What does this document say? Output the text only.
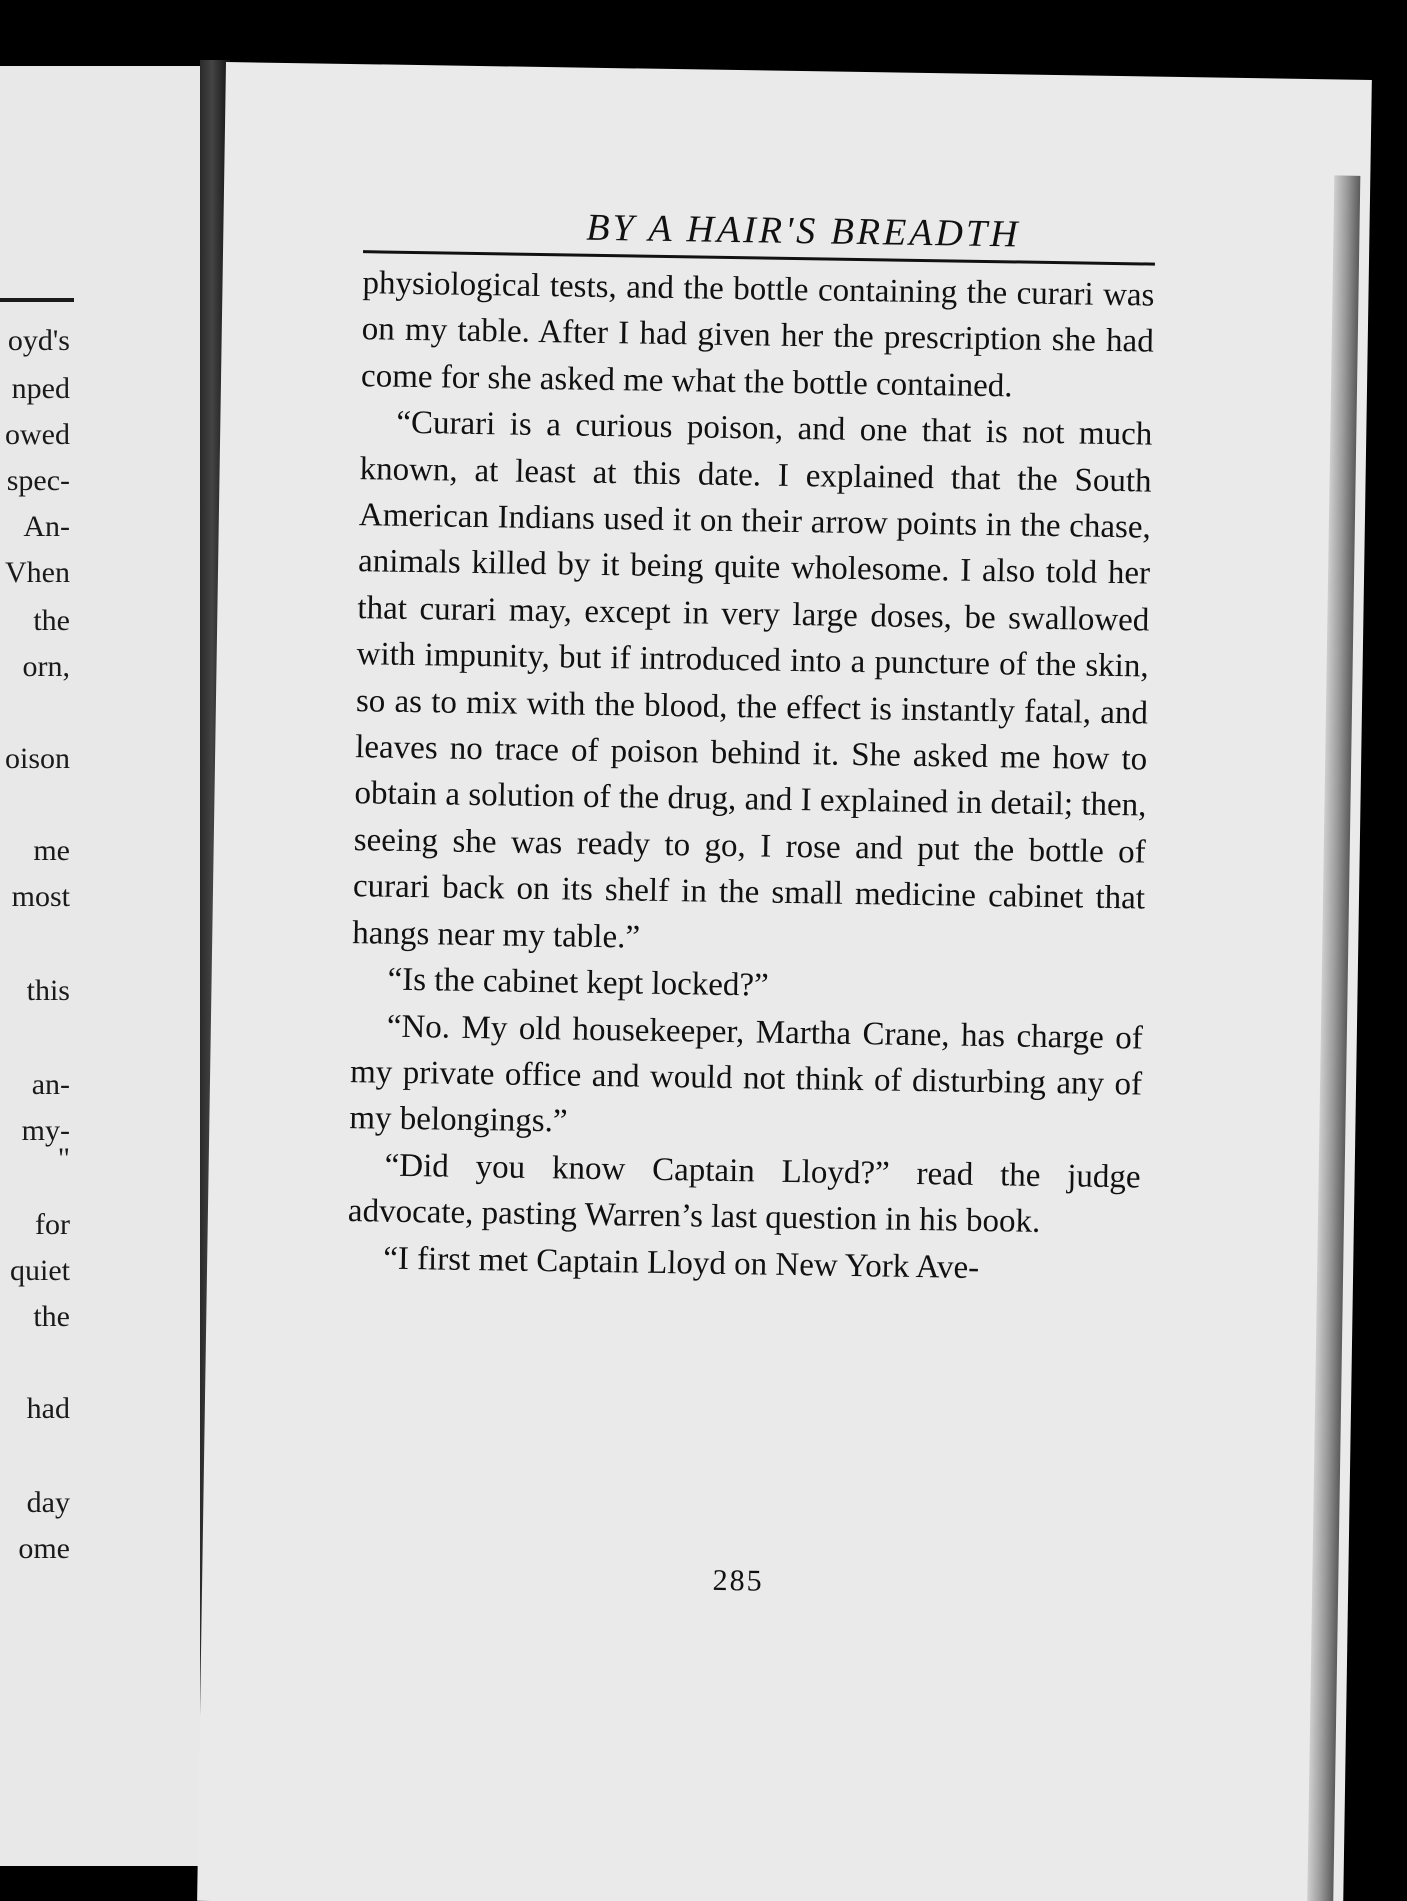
oyd's
nped
owed
spec-
An-
Vhen
the
orn,
oison
me
most
this
an-
my-
"
for
quiet
the
had
day
ome
BY A HAIR'S BREADTH

physiological tests, and the bottle containing the curari was on my table. After I had given her the prescription she had come for she asked me what the bottle contained.

“Curari is a curious poison, and one that is not much known, at least at this date. I explained that the South American Indians used it on their arrow points in the chase, animals killed by it being quite wholesome. I also told her that curari may, except in very large doses, be swallowed with impunity, but if introduced into a puncture of the skin, so as to mix with the blood, the effect is instantly fatal, and leaves no trace of poison behind it. She asked me how to obtain a solution of the drug, and I explained in detail; then, seeing she was ready to go, I rose and put the bottle of curari back on its shelf in the small medicine cabinet that hangs near my table.”

“Is the cabinet kept locked?”

“No. My old housekeeper, Martha Crane, has charge of my private office and would not think of disturbing any of my belongings.”

“Did you know Captain Lloyd?” read the judge advocate, pasting Warren’s last question in his book.

“I first met Captain Lloyd on New York Ave-

285
